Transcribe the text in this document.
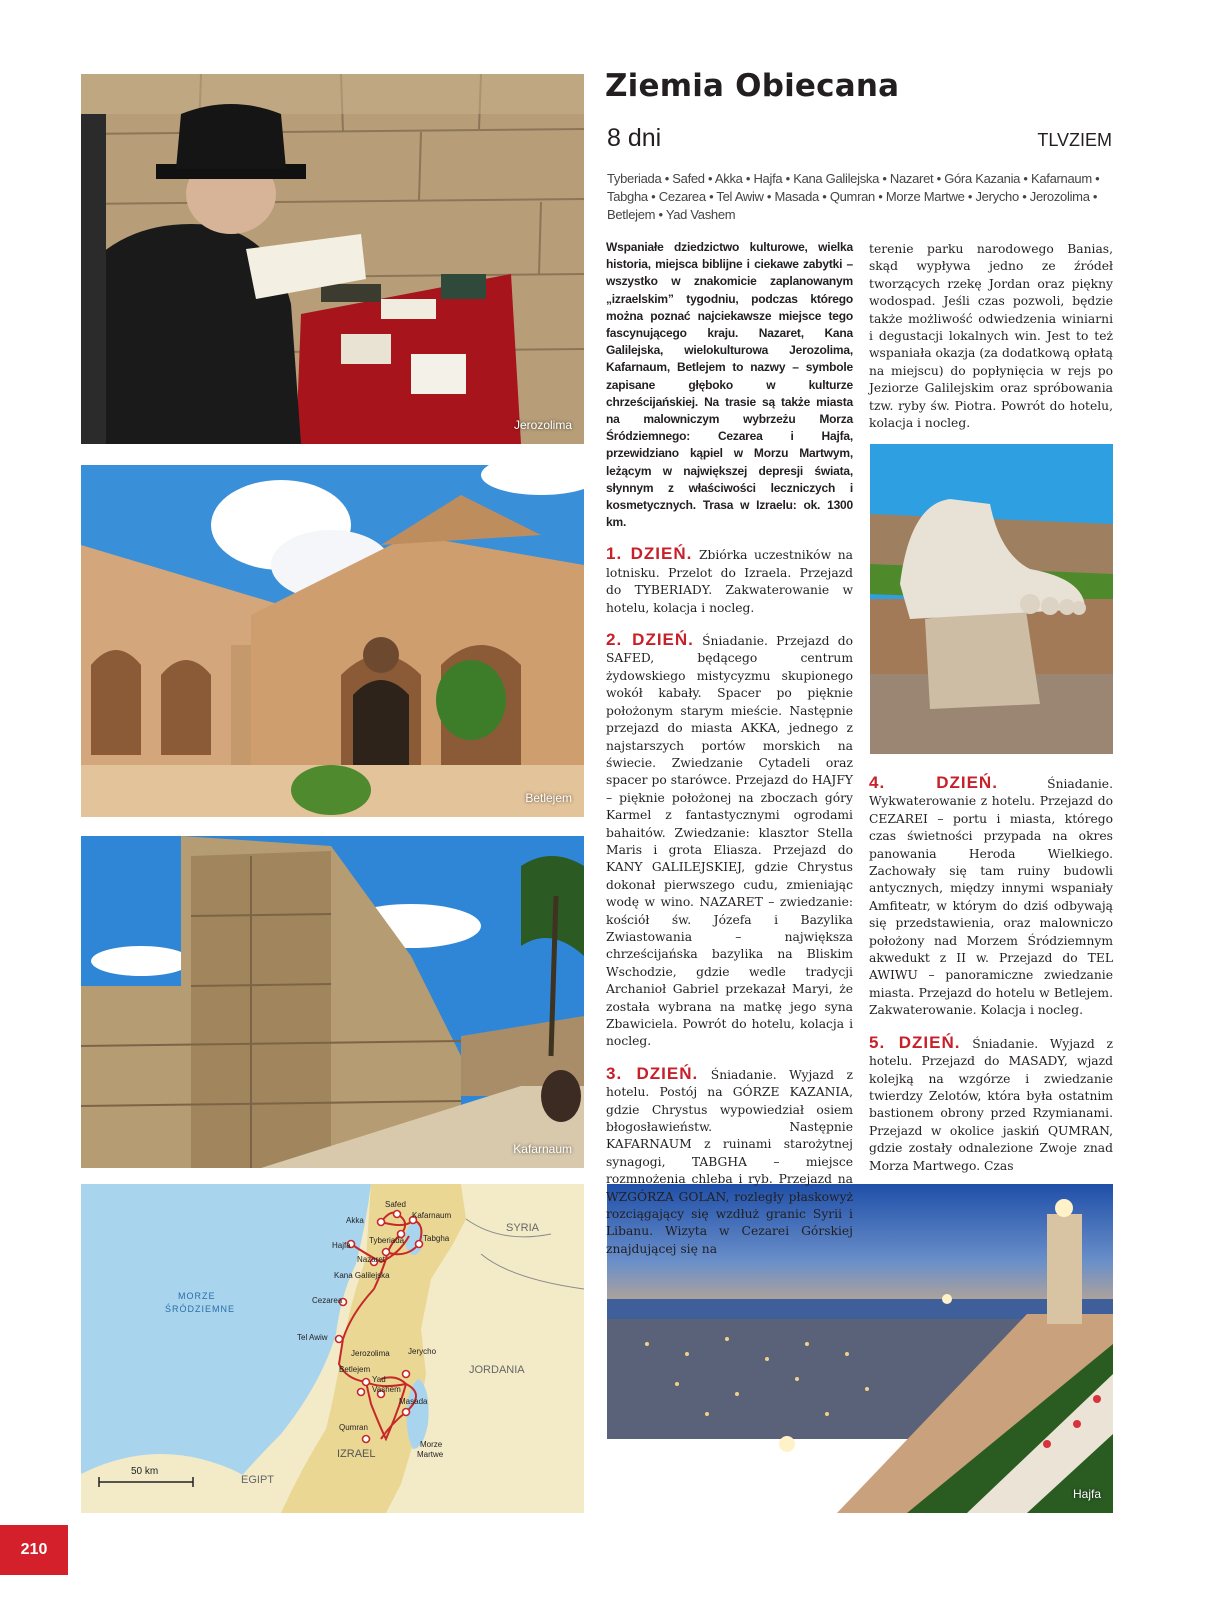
Jerozolima
Betlejem
Kafarnaum
Hajfa
MORZE
ŚRÓDZIEMNE
SYRIA
JORDANIA
EGIPT
IZRAEL
50 km
Safed
Akka
Kafarnaum
Hajfa
Tyberiada Tabgha
Nazaret
Kana Galilejska
Cezarea
Tel Awiw
Jerozolima Jerycho
Betlejem
Yad
Vashem
Masada
Qumran
Morze
Martwe
Ziemia Obiecana
8 dni	TLVZIEM
Tyberiada • Safed • Akka • Hajfa • Kana Galilejska • Nazaret • Góra Kazania • Kafarnaum • Tabgha • Cezarea • Tel Awiw • Masada • Qumran • Morze Martwe • Jerycho • Jerozolima • Betlejem • Yad Vashem

Wspaniałe dziedzictwo kulturowe, wielka historia, miejsca biblijne i ciekawe zabytki – wszystko w znakomicie zaplanowanym „izraelskim” tygodniu, podczas którego można poznać najciekawsze miejsce tego fascynującego kraju. Nazaret, Kana Galilejska, wielokulturowa Jerozolima, Kafarnaum, Betlejem to nazwy – symbole zapisane głęboko w kulturze chrześcijańskiej. Na trasie są także miasta na malowniczym wybrzeżu Morza Śródziemnego: Cezarea i Hajfa, przewidziano kąpiel w Morzu Martwym, leżącym w największej depresji świata, słynnym z właściwości leczniczych i kosmetycznych. Trasa w Izraelu: ok. 1300 km.

1. DZIEŃ. Zbiórka uczestników na lotnisku. Przelot do Izraela. Przejazd do TYBERIADY. Zakwaterowanie w hotelu, kolacja i nocleg.

2. DZIEŃ. Śniadanie. Przejazd do SAFED, będącego centrum żydowskiego mistycyzmu skupionego wokół kabały. Spacer po pięknie położonym starym mieście. Następnie przejazd do miasta AKKA, jednego z najstarszych portów morskich na świecie. Zwiedzanie Cytadeli oraz spacer po starówce. Przejazd do HAJFY – pięknie położonej na zboczach góry Karmel z fantastycznymi ogrodami bahaitów. Zwiedzanie: klasztor Stella Maris i grota Eliasza. Przejazd do KANY GALILEJSKIEJ, gdzie Chrystus dokonał pierwszego cudu, zmieniając wodę w wino. NAZARET – zwiedzanie: kościół św. Józefa i Bazylika Zwiastowania – największa chrześcijańska bazylika na Bliskim Wschodzie, gdzie wedle tradycji Archanioł Gabriel przekazał Maryi, że została wybrana na matkę jego syna Zbawiciela. Powrót do hotelu, kolacja i nocleg.

3. DZIEŃ. Śniadanie. Wyjazd z hotelu. Postój na GÓRZE KAZANIA, gdzie Chrystus wypowiedział osiem błogosławieństw. Następnie KAFARNAUM z ruinami starożytnej synagogi, TABGHA – miejsce rozmnożenia chleba i ryb. Przejazd na WZGÓRZA GOLAN, rozległy płaskowyż rozciągający się wzdłuż granic Syrii i Libanu. Wizyta w Cezarei Górskiej znajdującej się na

terenie parku narodowego Banias, skąd wypływa jedno ze źródeł tworzących rzekę Jordan oraz piękny wodospad. Jeśli czas pozwoli, będzie także możliwość odwiedzenia winiarni i degustacji lokalnych win. Jest to też wspaniała okazja (za dodatkową opłatą na miejscu) do popłynięcia w rejs po Jeziorze Galilejskim oraz spróbowania tzw. ryby św. Piotra. Powrót do hotelu, kolacja i nocleg.

4. DZIEŃ.	Śniadanie. Wykwaterowanie z hotelu. Przejazd do CEZAREI – portu i miasta, którego czas świetności przypada na okres panowania Heroda Wielkiego. Zachowały się tam ruiny budowli antycznych, między innymi wspaniały Amfiteatr, w którym do dziś odbywają się przedstawienia, oraz malowniczo położony nad Morzem Śródziemnym akwedukt z II w. Przejazd do TEL AWIWU – panoramiczne zwiedzanie miasta. Przejazd do hotelu w Betlejem. Zakwaterowanie. Kolacja i nocleg.

5. DZIEŃ. Śniadanie. Wyjazd z hotelu. Przejazd do MASADY, wjazd kolejką na wzgórze i zwiedzanie twierdzy Zelotów, która była ostatnim bastionem obrony przed Rzymianami. Przejazd w okolice jaskiń QUMRAN, gdzie zostały odnalezione Zwoje znad Morza Martwego. Czas

210
